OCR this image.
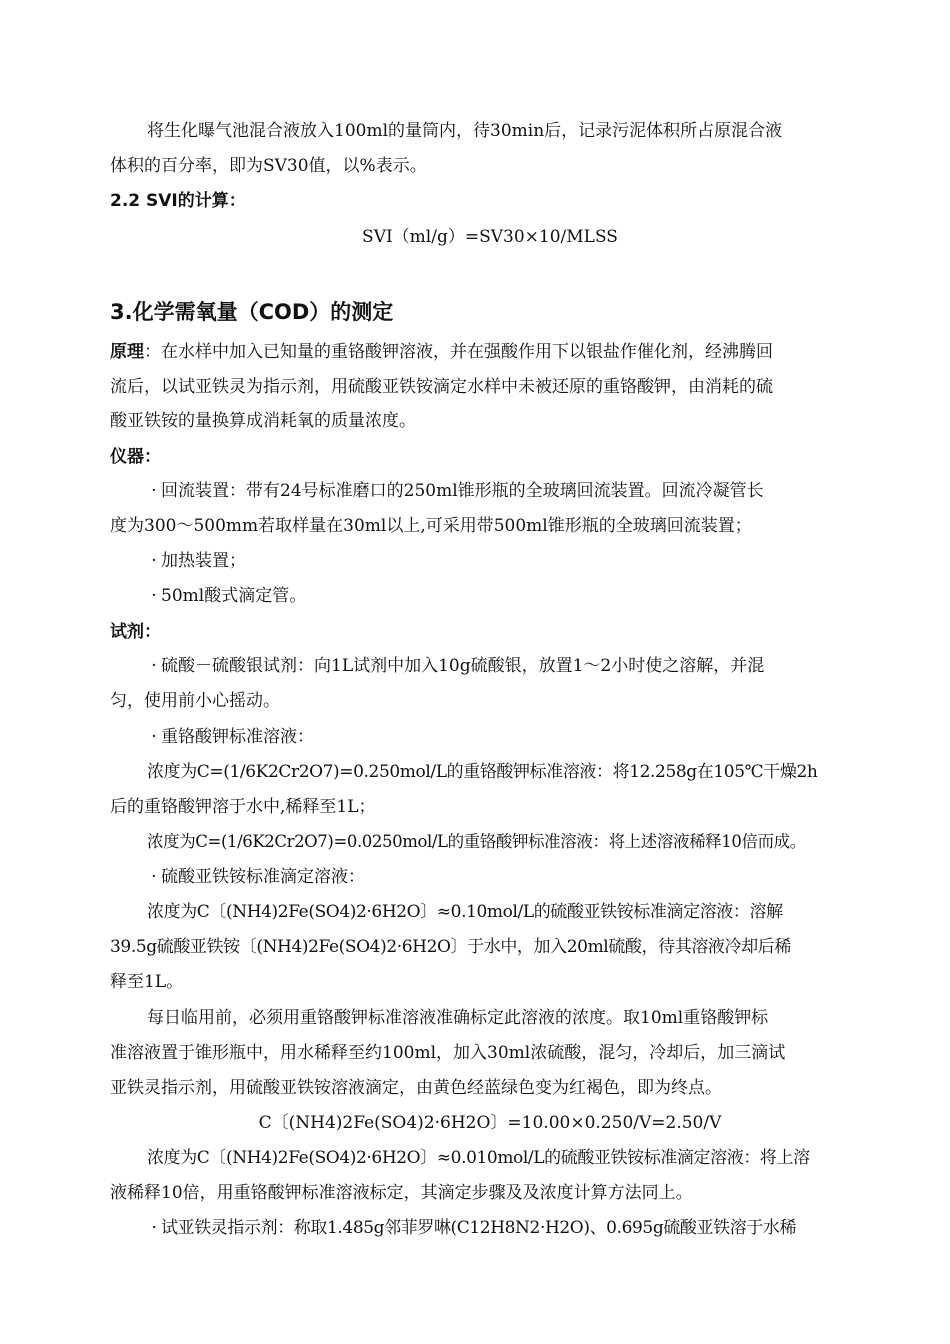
将生化曝气池混合液放入100ml的量筒内，待30min后，记录污泥体积所占原混合液
体积的百分率，即为SV30值，以%表示。
2.2 SVI的计算：
SVI（ml/g）=SV30×10/MLSS
3.化学需氧量（COD）的测定
原理：在水样中加入已知量的重铬酸钾溶液，并在强酸作用下以银盐作催化剂，经沸腾回
流后，以试亚铁灵为指示剂，用硫酸亚铁铵滴定水样中未被还原的重铬酸钾，由消耗的硫
酸亚铁铵的量换算成消耗氧的质量浓度。
仪器：
· 回流装置：带有24号标准磨口的250ml锥形瓶的全玻璃回流装置。回流冷凝管长
度为300～500mm若取样量在30ml以上,可采用带500ml锥形瓶的全玻璃回流装置；
· 加热装置；
· 50ml酸式滴定管。
试剂：
· 硫酸－硫酸银试剂：向1L试剂中加入10g硫酸银，放置1～2小时使之溶解，并混
匀，使用前小心摇动。
· 重铬酸钾标准溶液：
浓度为C=(1/6K2Cr2O7)=0.250mol/L的重铬酸钾标准溶液：将12.258g在105℃干燥2h
后的重铬酸钾溶于水中,稀释至1L；
浓度为C=(1/6K2Cr2O7)=0.0250mol/L的重铬酸钾标准溶液：将上述溶液稀释10倍而成。
· 硫酸亚铁铵标准滴定溶液：
浓度为C〔(NH4)2Fe(SO4)2·6H2O〕≈0.10mol/L的硫酸亚铁铵标准滴定溶液：溶解
39.5g硫酸亚铁铵〔(NH4)2Fe(SO4)2·6H2O〕于水中，加入20ml硫酸，待其溶液冷却后稀
释至1L。
每日临用前，必须用重铬酸钾标准溶液准确标定此溶液的浓度。取10ml重铬酸钾标
准溶液置于锥形瓶中，用水稀释至约100ml，加入30ml浓硫酸，混匀，冷却后，加三滴试
亚铁灵指示剂，用硫酸亚铁铵溶液滴定，由黄色经蓝绿色变为红褐色，即为终点。
C〔(NH4)2Fe(SO4)2·6H2O〕=10.00×0.250/V=2.50/V
浓度为C〔(NH4)2Fe(SO4)2·6H2O〕≈0.010mol/L的硫酸亚铁铵标准滴定溶液：将上溶
液稀释10倍，用重铬酸钾标准溶液标定，其滴定步骤及及浓度计算方法同上。
· 试亚铁灵指示剂：称取1.485g邻菲罗啉(C12H8N2·H2O)、0.695g硫酸亚铁溶于水稀
